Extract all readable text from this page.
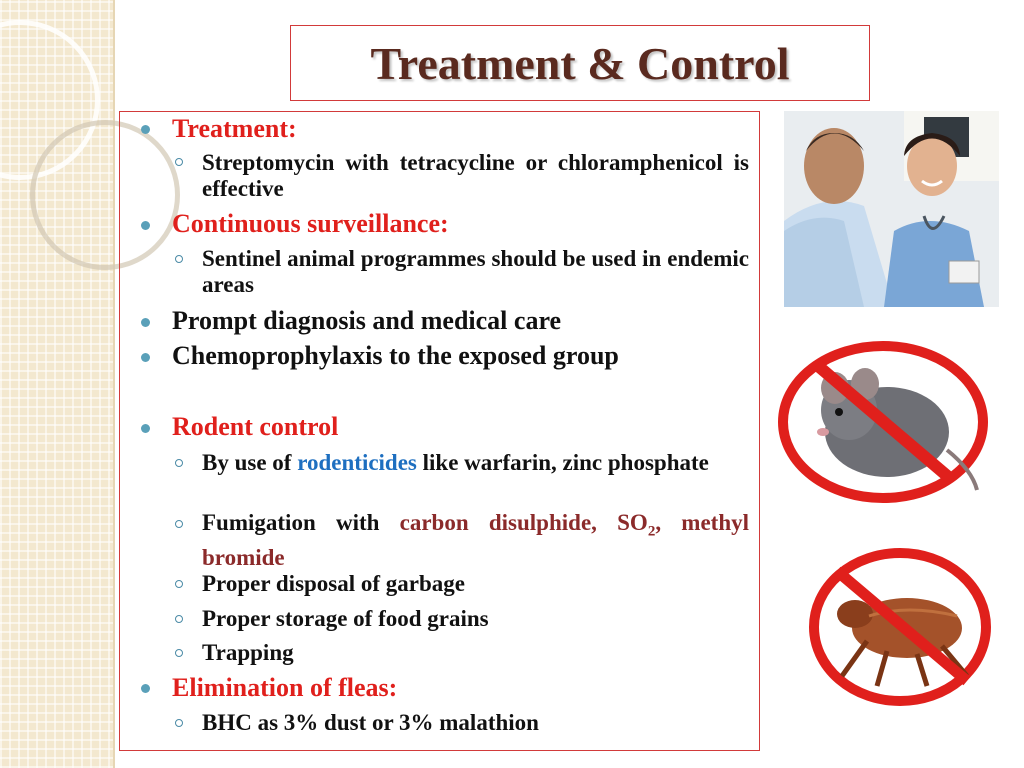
Treatment & Control
Treatment:
Streptomycin with tetracycline or chloramphenicol is effective
Continuous surveillance:
Sentinel animal programmes should be used in endemic areas
Prompt diagnosis and medical care
Chemoprophylaxis to the exposed group
Rodent control
By use of rodenticides like warfarin, zinc phosphate
Fumigation with carbon disulphide, $SO_2$, methyl bromide
Proper disposal of garbage
Proper storage of food grains
Trapping
Elimination of fleas:
BHC as 3% dust or 3% malathion
